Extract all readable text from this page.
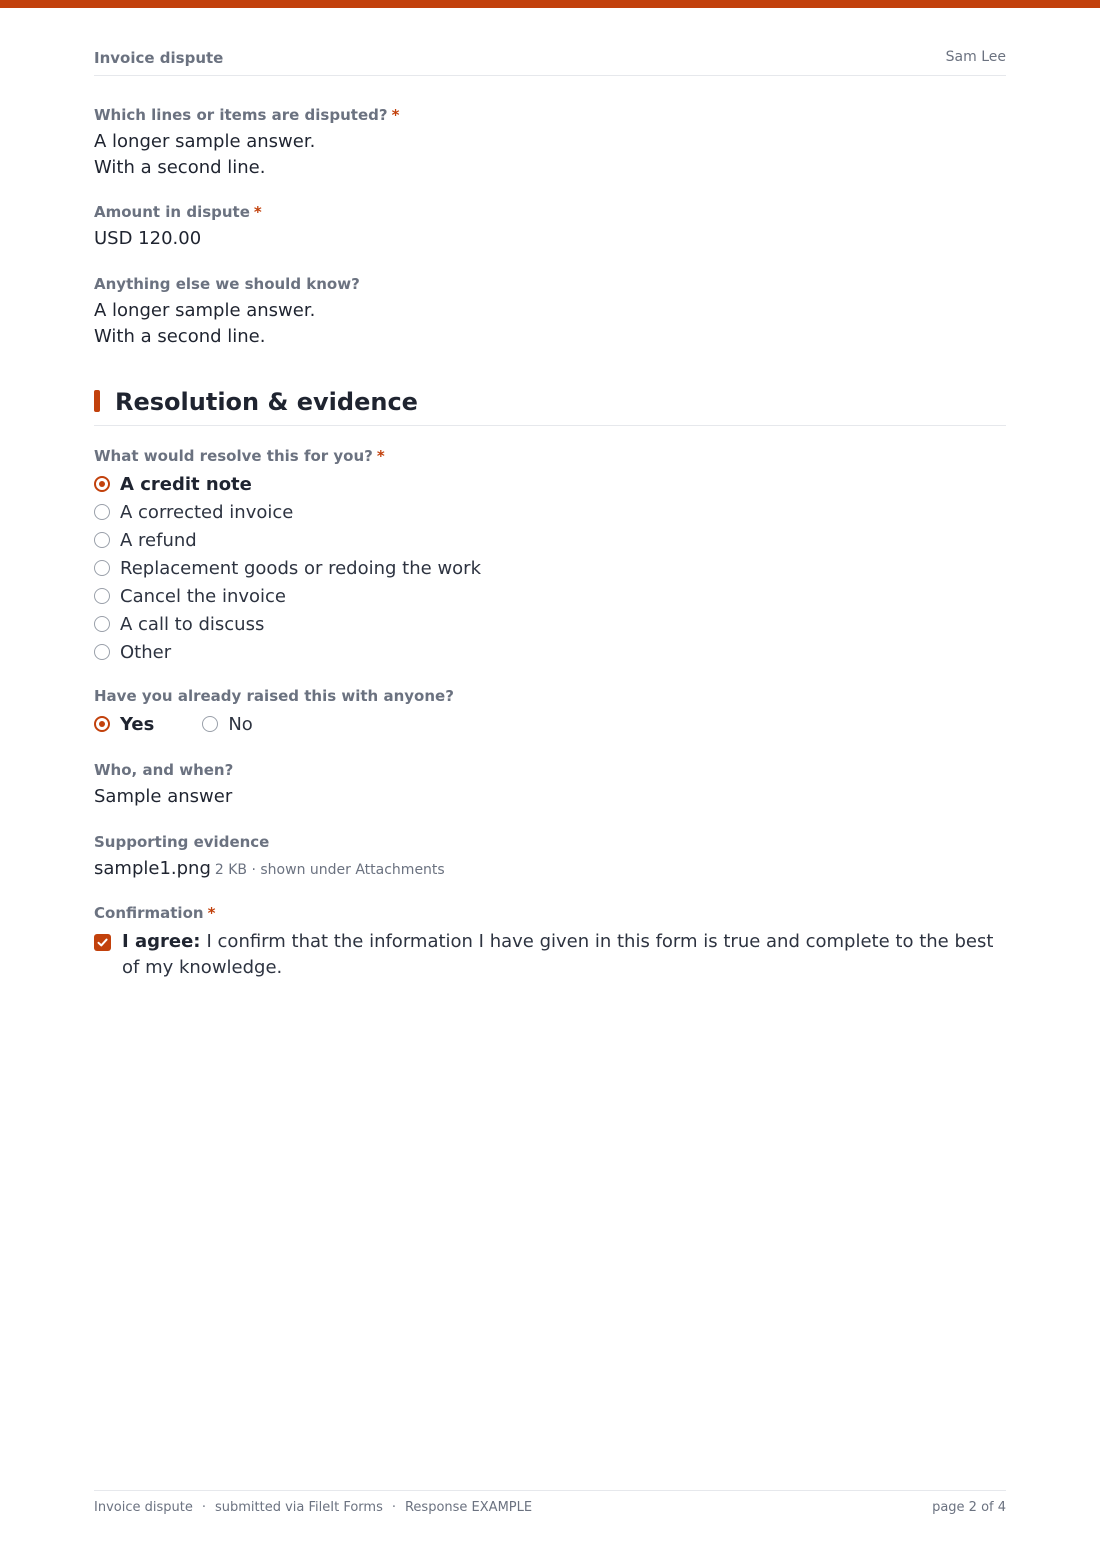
Invoice dispute	Sam Lee
Which lines or items are disputed? *
A longer sample answer.
With a second line.
Amount in dispute *
USD 120.00
Anything else we should know?
A longer sample answer.
With a second line.
Resolution & evidence
What would resolve this for you? *
A credit note
A corrected invoice
A refund
Replacement goods or redoing the work
Cancel the invoice
A call to discuss
Other
Have you already raised this with anyone?
Yes	No
Who, and when?
Sample answer
Supporting evidence
sample1.png 2 KB · shown under Attachments
Confirmation *
I agree: I confirm that the information I have given in this form is true and complete to the best of my knowledge.
Invoice dispute · submitted via FileIt Forms · Response EXAMPLE	page 2 of 4
